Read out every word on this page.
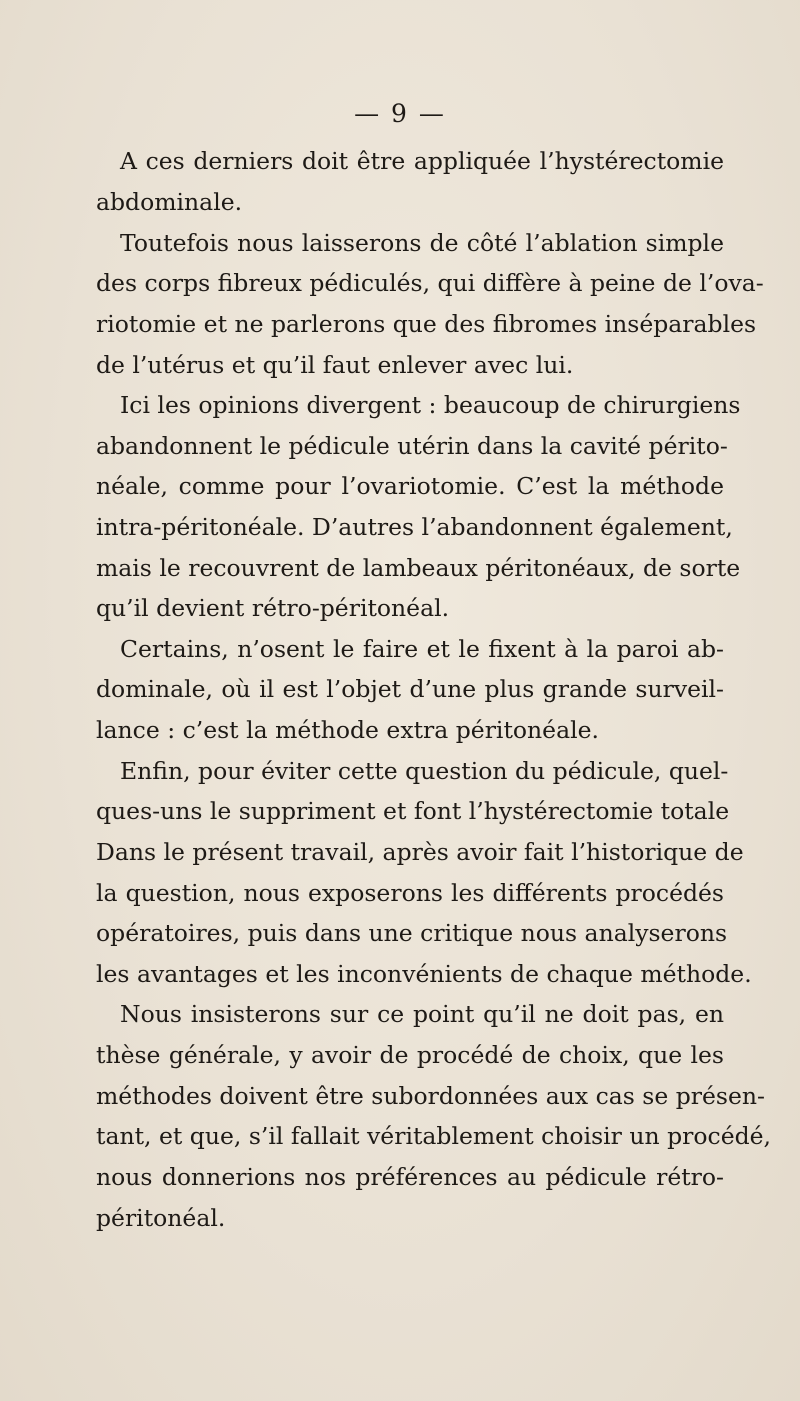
— 9 —
A ces derniers doit être appliquée l’hystérectomie
abdominale.
Toutefois nous laisserons de côté l’ablation simple
des corps fibreux pédiculés, qui diffère à peine de l’ova-
riotomie et ne parlerons que des fibromes inséparables
de l’utérus et qu’il faut enlever avec lui.
Ici les opinions divergent : beaucoup de chirurgiens
abandonnent le pédicule utérin dans la cavité périto-
néale, comme pour l’ovariotomie. C’est la méthode
intra-péritonéale. D’autres l’abandonnent également,
mais le recouvrent de lambeaux péritonéaux, de sorte
qu’il devient rétro-péritonéal.
Certains, n’osent le faire et le fixent à la paroi ab-
dominale, où il est l’objet d’une plus grande surveil-
lance : c’est la méthode extra péritonéale.
Enfin, pour éviter cette question du pédicule, quel-
ques-uns le suppriment et font l’hystérectomie totale
Dans le présent travail, après avoir fait l’historique de
la question, nous exposerons les différents procédés
opératoires, puis dans une critique nous analyserons
les avantages et les inconvénients de chaque méthode.
Nous insisterons sur ce point qu’il ne doit pas, en
thèse générale, y avoir de procédé de choix, que les
méthodes doivent être subordonnées aux cas se présen-
tant, et que, s’il fallait véritablement choisir un procédé,
nous donnerions nos préférences au pédicule rétro-
péritonéal.
